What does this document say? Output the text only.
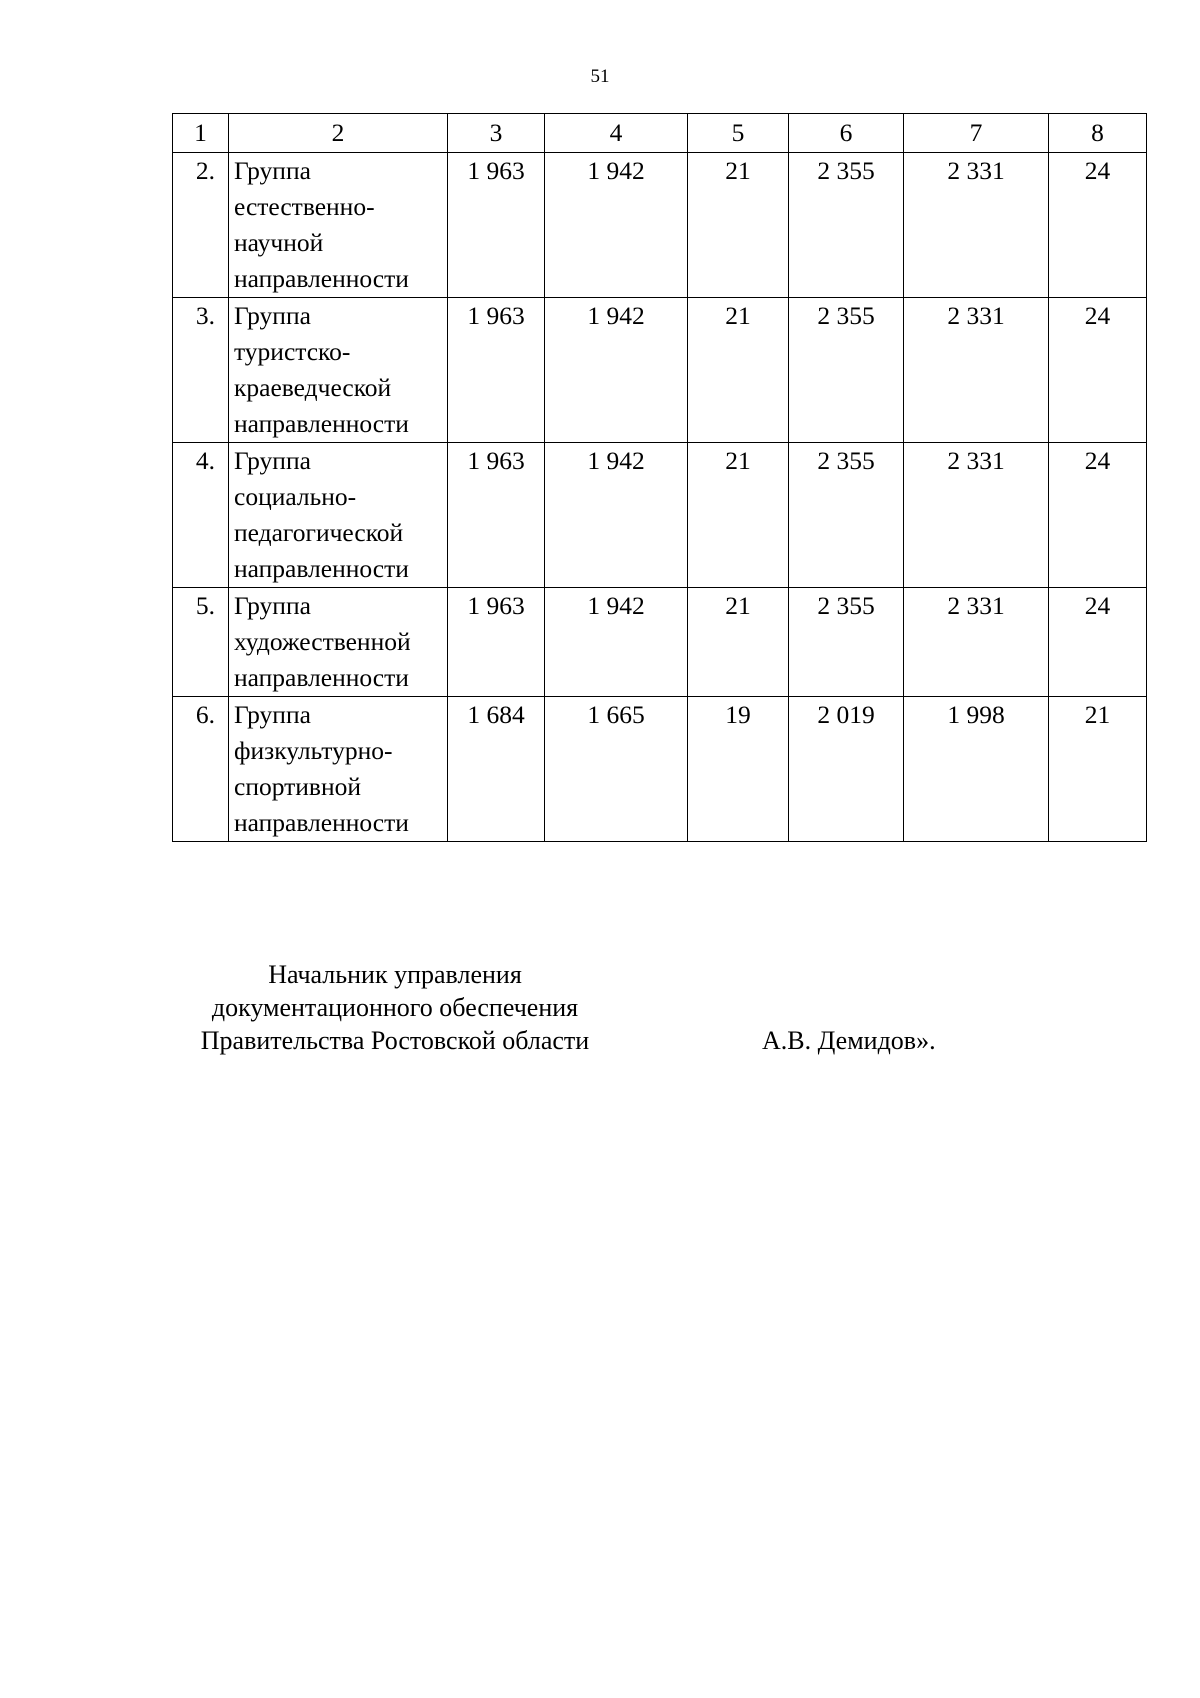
51
1	2	3	4	5	6	7	8
2.	Группа
естественно-
научной
направленности	1 963	1 942	21	2 355	2 331	24
3.	Группа
туристско-
краеведческой
направленности	1 963	1 942	21	2 355	2 331	24
4.	Группа
социально-
педагогической
направленности	1 963	1 942	21	2 355	2 331	24
5.	Группа
художественной
направленности	1 963	1 942	21	2 355	2 331	24
6.	Группа
физкультурно-
спортивной
направленности	1 684	1 665	19	2 019	1 998	21
Начальник управления
документационного обеспечения
Правительства Ростовской области	А.В. Демидов».
